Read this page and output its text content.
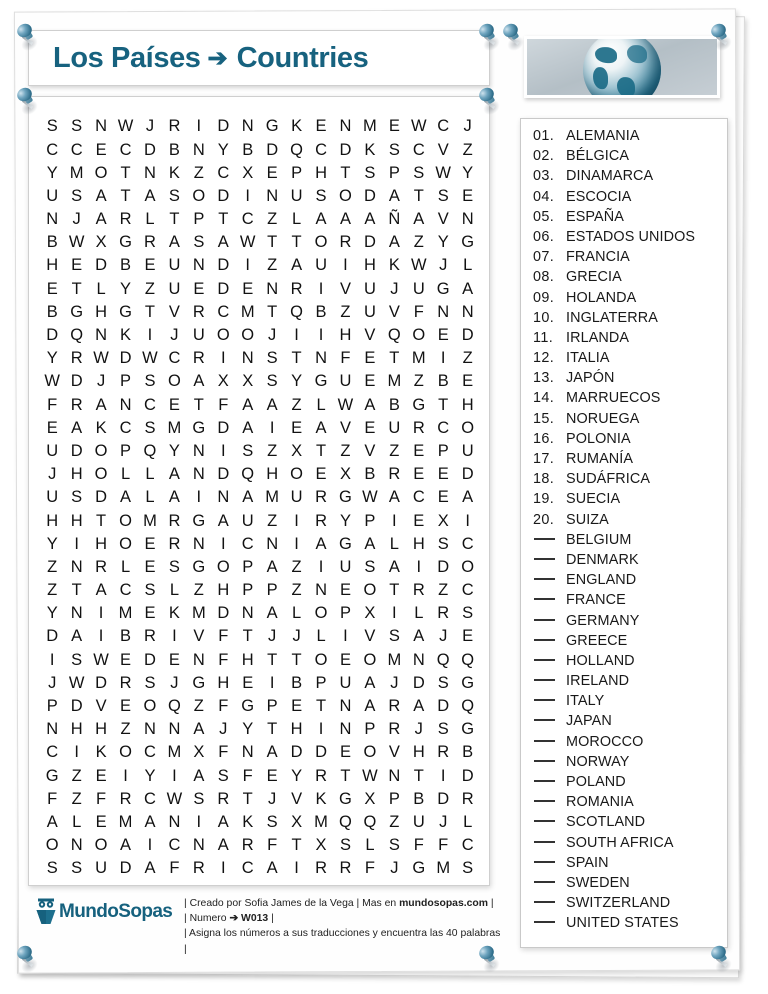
Los Países ➔ Countries
S S N W J R I D N G K E N M E W C J
C C E C D B N Y B D Q C D K S C V Z
Y M O T N K Z C X E P H T S P S W Y
U S A T A S O D I N U S O D A T S E
N J A R L T P T C Z L A A A Ñ A V N
B W X G R A S A W T T O R D A Z Y G
H E D B E U N D I	Z A U I H K W J L
E T L Y Z U E D E N R I	V U J U G A
B G H G T V R C M T Q B Z U V F N N
D Q N K	I	J U O O J	I	I H V Q O E D
Y R W D W C R I N S T N F E T M I	Z
W D J P S O A X X S Y G U E M Z B E
F R A N C E T F A A Z L W A B G T H
E A K C S M G D A	I	E A V E U R C O
U D O P Q Y N I	S Z X T Z V Z E P U
J H O L L A N D Q H O E X B R E E D
U S D A L A	I N A M U R G W A C E A
H H T O M R G A U Z	I R Y P	I	E X	I
Y	I H O E R N I C N I	A G A L H S C
Z N R L E S G O P A Z	I U S A	I D O
Z T A C S L Z H P P Z N E O T R Z C
Y N I M E K M D N A L O P X	I	L R S
D A	I	B R I	V F T J J L	I	V S A J E
I	S W E D E N F H T T O E O M N Q Q
J W D R S J G H E	I	B P U A J D S G
P D V E O Q Z F G P E T N A R A D Q
N H H Z N N A J Y T H I N P R J S G
C I	K O C M X F N A D D E O V H R B
G Z E	I	Y	I	A S F E Y R T W N T	I D
F Z F R C W S R T J V K G X P B D R
A L E M A N I	A K S X M Q Q Z U J L
O N O A	I C N A R F T X S L S F F C
S S U D A F R I C A	I R R F J G M S
01. ALEMANIA
02. BÉLGICA
03. DINAMARCA
04. ESCOCIA
05. ESPAÑA
06. ESTADOS UNIDOS
07. FRANCIA
08. GRECIA
09. HOLANDA
10. INGLATERRA
11. IRLANDA
12. ITALIA
13. JAPÓN
14. MARRUECOS
15. NORUEGA
16. POLONIA
17. RUMANÍA
18. SUDÁFRICA
19. SUECIA
20. SUIZA
BELGIUM
DENMARK
ENGLAND
FRANCE
GERMANY
GREECE
HOLLAND
IRELAND
ITALY
JAPAN
MOROCCO
NORWAY
POLAND
ROMANIA
SCOTLAND
SOUTH AFRICA
SPAIN
SWEDEN
SWITZERLAND
UNITED STATES
MundoSopas | Creado por Sofia James de la Vega | Mas en mundosopas.com |
| Numero ➔ W013 |
| Asigna los números a sus traducciones y encuentra las 40 palabras |
